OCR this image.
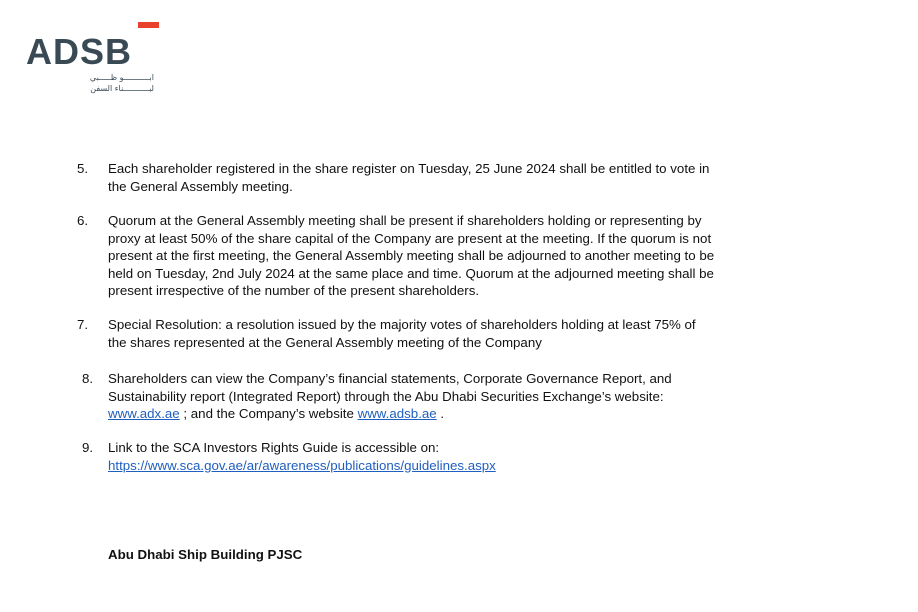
ADSB
ابـــــــــــو ظـــــبي
لبـــــــــــناء السفن
5. Each shareholder registered in the share register on Tuesday, 25 June 2024 shall be entitled to vote in
the General Assembly meeting.
6. Quorum at the General Assembly meeting shall be present if shareholders holding or representing by
proxy at least 50% of the share capital of the Company are present at the meeting. If the quorum is not
present at the first meeting, the General Assembly meeting shall be adjourned to another meeting to be
held on Tuesday, 2nd July 2024 at the same place and time. Quorum at the adjourned meeting shall be
present irrespective of the number of the present shareholders.
7. Special Resolution: a resolution issued by the majority votes of shareholders holding at least 75% of
the shares represented at the General Assembly meeting of the Company
8. Shareholders can view the Company’s financial statements, Corporate Governance Report, and
Sustainability report (Integrated Report) through the Abu Dhabi Securities Exchange’s website:
www.adx.ae ; and the Company’s website www.adsb.ae .
9. Link to the SCA Investors Rights Guide is accessible on:
https://www.sca.gov.ae/ar/awareness/publications/guidelines.aspx
Abu Dhabi Ship Building PJSC
